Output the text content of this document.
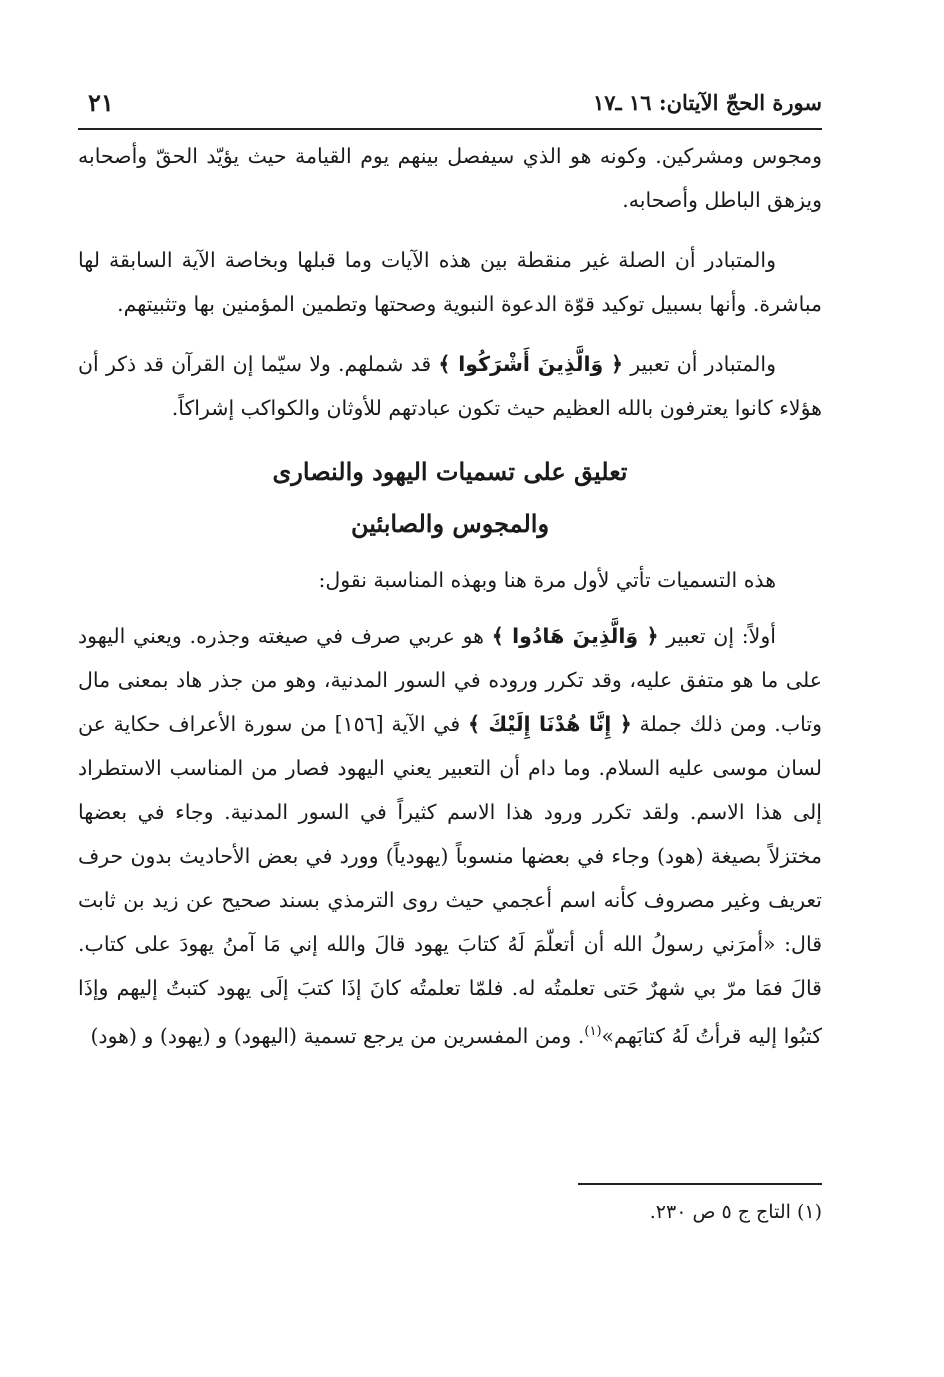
سورة الحجّ الآيتان: ١٦ ـ١٧
٢١

ومجوس ومشركين. وكونه هو الذي سيفصل بينهم يوم القيامة حيث يؤيّد الحقّ وأصحابه ويزهق الباطل وأصحابه.

والمتبادر أن الصلة غير منقطة بين هذه الآيات وما قبلها وبخاصة الآية السابقة لها مباشرة. وأنها بسبيل توكيد قوّة الدعوة النبوية وصحتها وتطمين المؤمنين بها وتثبيتهم.

والمتبادر أن تعبير ﴿ وَالَّذِينَ أَشْرَكُوا ﴾ قد شملهم. ولا سيّما إن القرآن قد ذكر أن هؤلاء كانوا يعترفون بالله العظيم حيث تكون عبادتهم للأوثان والكواكب إشراكاً.

تعليق على تسميات اليهود والنصارى
والمجوس والصابئين

هذه التسميات تأتي لأول مرة هنا وبهذه المناسبة نقول:

أولاً: إن تعبير ﴿ وَالَّذِينَ هَادُوا ﴾ هو عربي صرف في صيغته وجذره. ويعني اليهود على ما هو متفق عليه، وقد تكرر وروده في السور المدنية، وهو من جذر هاد بمعنى مال وتاب. ومن ذلك جملة ﴿ إِنَّا هُدْنَا إِلَيْكَ ﴾ في الآية [١٥٦] من سورة الأعراف حكاية عن لسان موسى عليه السلام. وما دام أن التعبير يعني اليهود فصار من المناسب الاستطراد إلى هذا الاسم. ولقد تكرر ورود هذا الاسم كثيراً في السور المدنية. وجاء في بعضها مختزلاً بصيغة (هود) وجاء في بعضها منسوباً (يهودياً) وورد في بعض الأحاديث بدون حرف تعريف وغير مصروف كأنه اسم أعجمي حيث روى الترمذي بسند صحيح عن زيد بن ثابت قال: «أمرَني رسولُ الله أن أتعلّمَ لَهُ كتابَ يهود قالَ والله إني مَا آمنُ يهودَ على كتاب. قالَ فمَا مرّ بي شهرٌ حَتى تعلمتُه له. فلمّا تعلمتُه كانَ إذَا كتبَ إلَى يهود كتبتُ إليهم وإذَا كتبُوا إليه قرأتُ لَهُ كتابَهم»$^{(١)}$. ومن المفسرين من يرجع تسمية (اليهود) و (يهود) و (هود)

(١) التاج ج ٥ ص ٢٣٠.
